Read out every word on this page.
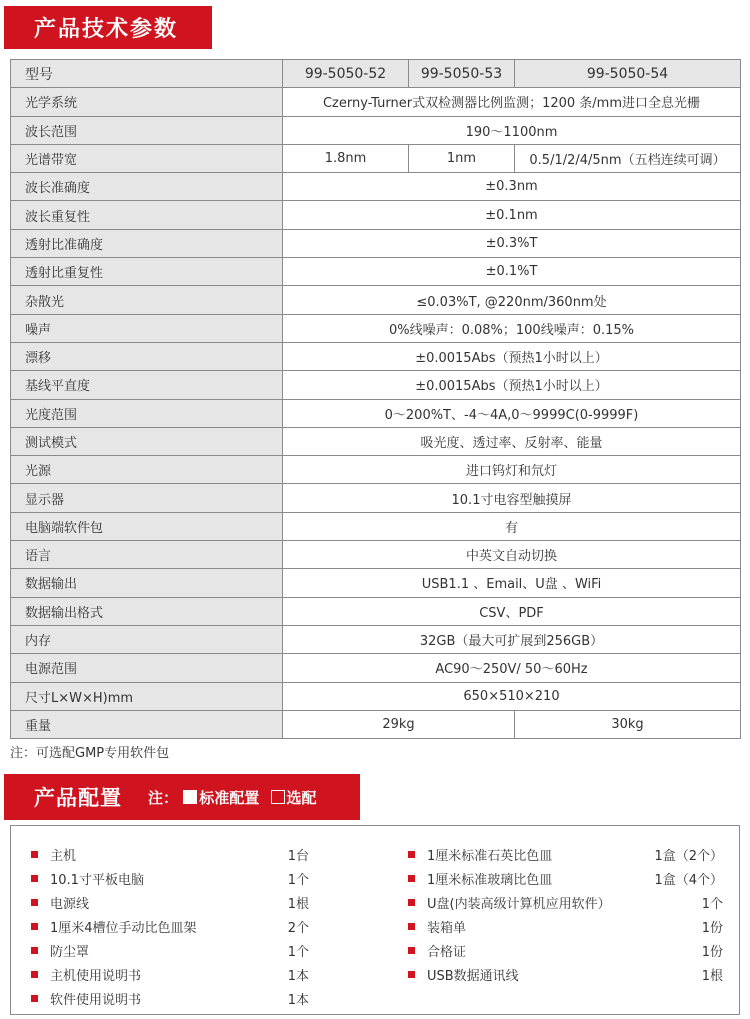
产品技术参数
型号	99-5050-52	99-5050-53	99-5050-54
光学系统	Czerny-Turner式双检测器比例监测；1200 条/mm进口全息光栅		
波长范围	190～1100nm		
光谱带宽	1.8nm	1nm	0.5/1/2/4/5nm（五档连续可调）
波长准确度	±0.3nm		
波长重复性	±0.1nm		
透射比准确度	±0.3%T		
透射比重复性	±0.1%T		
杂散光	≤0.03%T, @220nm/360nm处		
噪声	0%线噪声：0.08%；100线噪声：0.15%		
漂移	±0.0015Abs（预热1小时以上）		
基线平直度	±0.0015Abs（预热1小时以上）		
光度范围	0～200%T、-4～4A,0～9999C(0-9999F)		
测试模式	吸光度、透过率、反射率、能量		
光源	进口钨灯和氘灯		
显示器	10.1寸电容型触摸屏		
电脑端软件包	有		
语言	中英文自动切换		
数据输出	USB1.1 、Email、U盘 、WiFi		
数据输出格式	CSV、PDF		
内存	32GB（最大可扩展到256GB）		
电源范围	AC90～250V/ 50～60Hz		
尺寸L×W×H)mm	650×510×210		
重量	29kg		30kg
注：可选配GMP专用软件包
产品配置 注： 标准配置 选配
主机	1台
10.1寸平板电脑	1个
电源线	1根
1厘米4槽位手动比色皿架	2个
防尘罩	1个
主机使用说明书	1本
软件使用说明书	1本
1厘米标准石英比色皿	1盒（2个）
1厘米标准玻璃比色皿	1盒（4个）
U盘(内装高级计算机应用软件）	1个
装箱单	1份
合格证	1份
USB数据通讯线	1根
